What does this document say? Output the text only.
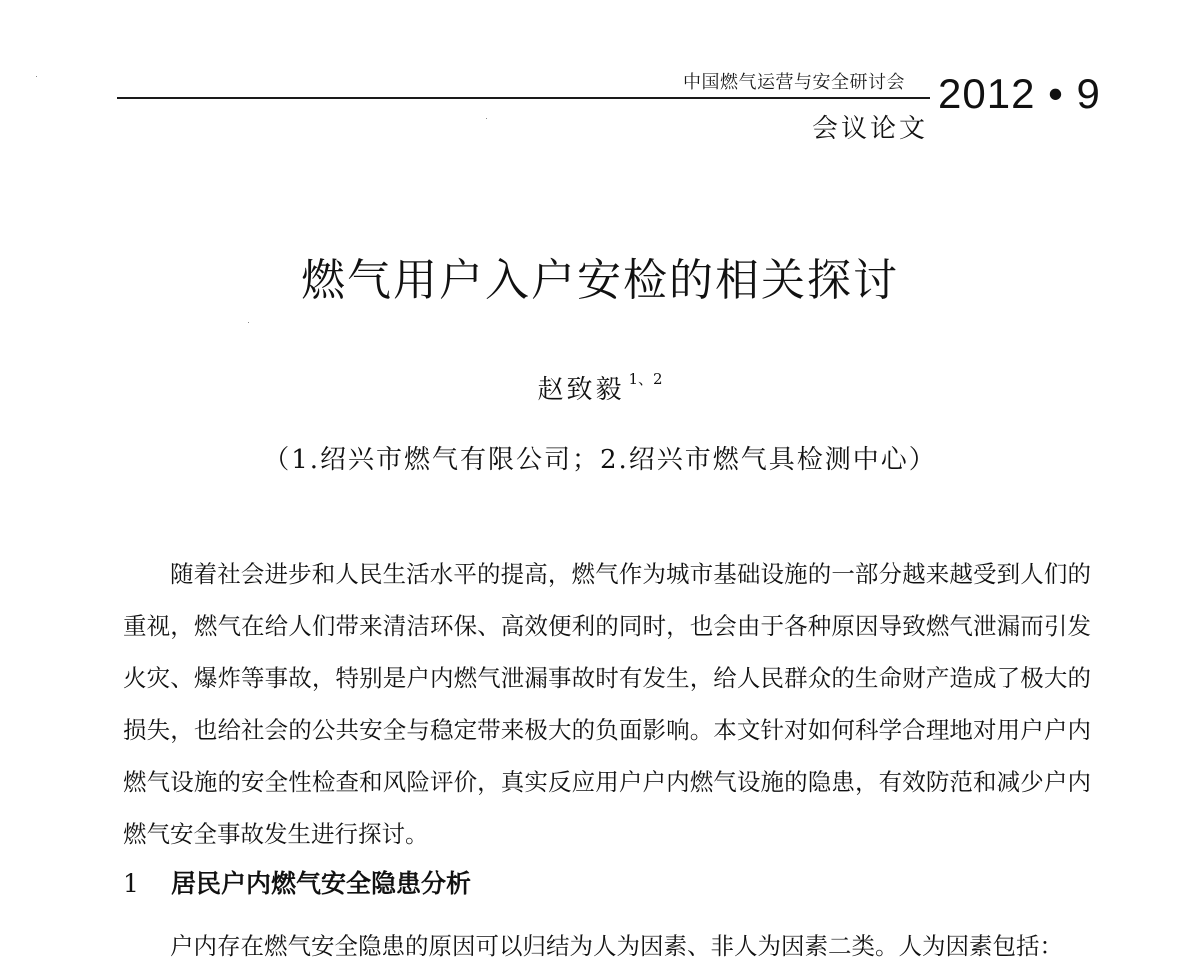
中国燃气运营与安全研讨会
会议论文
2012 • 9
燃气用户入户安检的相关探讨
赵致毅 $^{1、2}$
（1.绍兴市燃气有限公司；2.绍兴市燃气具检测中心）

随着社会进步和人民生活水平的提高，燃气作为城市基础设施的一部分越来越受到人们的重视，燃气在给人们带来清洁环保、高效便利的同时，也会由于各种原因导致燃气泄漏而引发火灾、爆炸等事故，特别是户内燃气泄漏事故时有发生，给人民群众的生命财产造成了极大的损失，也给社会的公共安全与稳定带来极大的负面影响。本文针对如何科学合理地对用户户内燃气设施的安全性检查和风险评价，真实反应用户户内燃气设施的隐患，有效防范和减少户内燃气安全事故发生进行探讨。

1 居民户内燃气安全隐患分析

户内存在燃气安全隐患的原因可以归结为人为因素、非人为因素二类。人为因素包括：
